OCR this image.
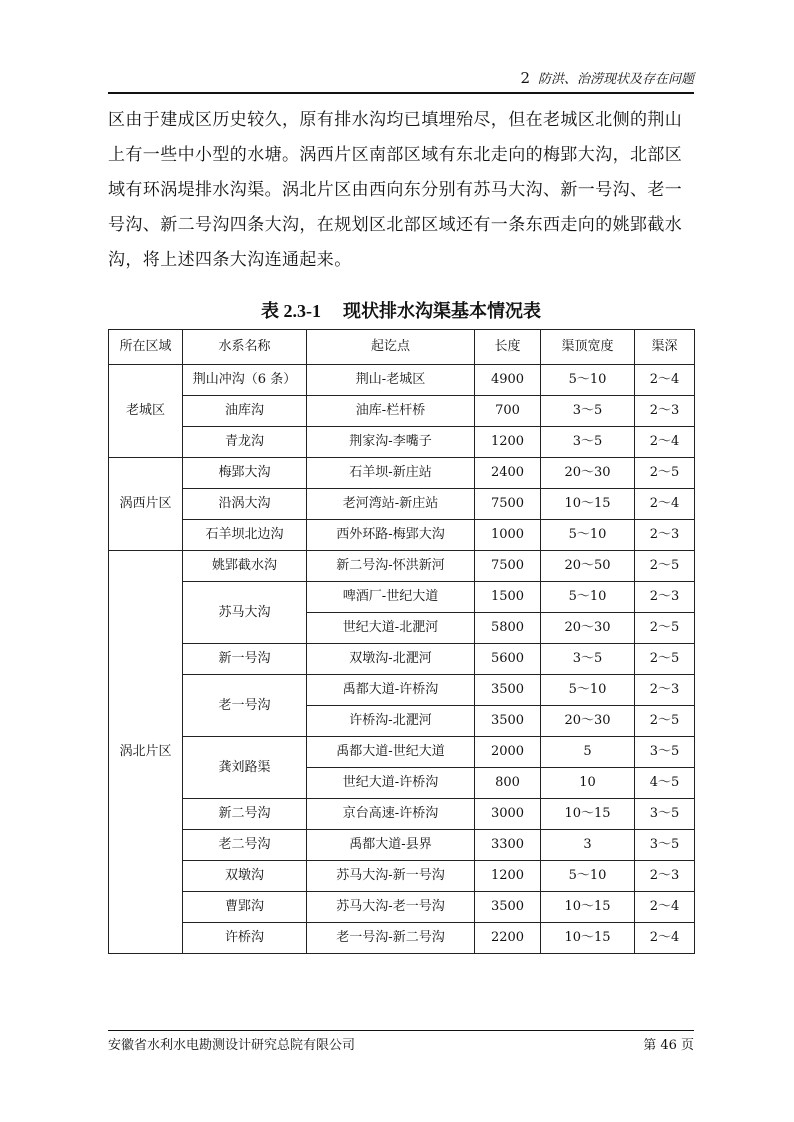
2 防洪、治涝现状及存在问题

区由于建成区历史较久，原有排水沟均已填埋殆尽，但在老城区北侧的荆山上有一些中小型的水塘。涡西片区南部区域有东北走向的梅郢大沟，北部区域有环涡堤排水沟渠。涡北片区由西向东分别有苏马大沟、新一号沟、老一号沟、新二号沟四条大沟，在规划区北部区域还有一条东西走向的姚郢截水沟，将上述四条大沟连通起来。

表 2.3-1 现状排水沟渠基本情况表
所在区域	水系名称	起讫点	长度	渠顶宽度	渠深
老城区	荆山冲沟（6 条）	荆山-老城区	4900	5～10	2～4
	油库沟	油库-栏杆桥	700	3～5	2～3
	青龙沟	荆家沟-李嘴子	1200	3～5	2～4
涡西片区	梅郢大沟	石羊坝-新庄站	2400	20～30	2～5
	沿涡大沟	老河湾站-新庄站	7500	10～15	2～4
	石羊坝北边沟	西外环路-梅郢大沟	1000	5～10	2～3
涡北片区	姚郢截水沟	新二号沟-怀洪新河	7500	20～50	2～5
	苏马大沟	啤酒厂-世纪大道	1500	5～10	2～3
		世纪大道-北淝河	5800	20～30	2～5
	新一号沟	双墩沟-北淝河	5600	3～5	2～5
	老一号沟	禹都大道-许桥沟	3500	5～10	2～3
		许桥沟-北淝河	3500	20～30	2～5
	龚刘路渠	禹都大道-世纪大道	2000	5	3～5
		世纪大道-许桥沟	800	10	4～5
	新二号沟	京台高速-许桥沟	3000	10～15	3～5
	老二号沟	禹都大道-县界	3300	3	3～5
	双墩沟	苏马大沟-新一号沟	1200	5～10	2～3
	曹郢沟	苏马大沟-老一号沟	3500	10～15	2～4
	许桥沟	老一号沟-新二号沟	2200	10～15	2～4
安徽省水利水电勘测设计研究总院有限公司	第 46 页
